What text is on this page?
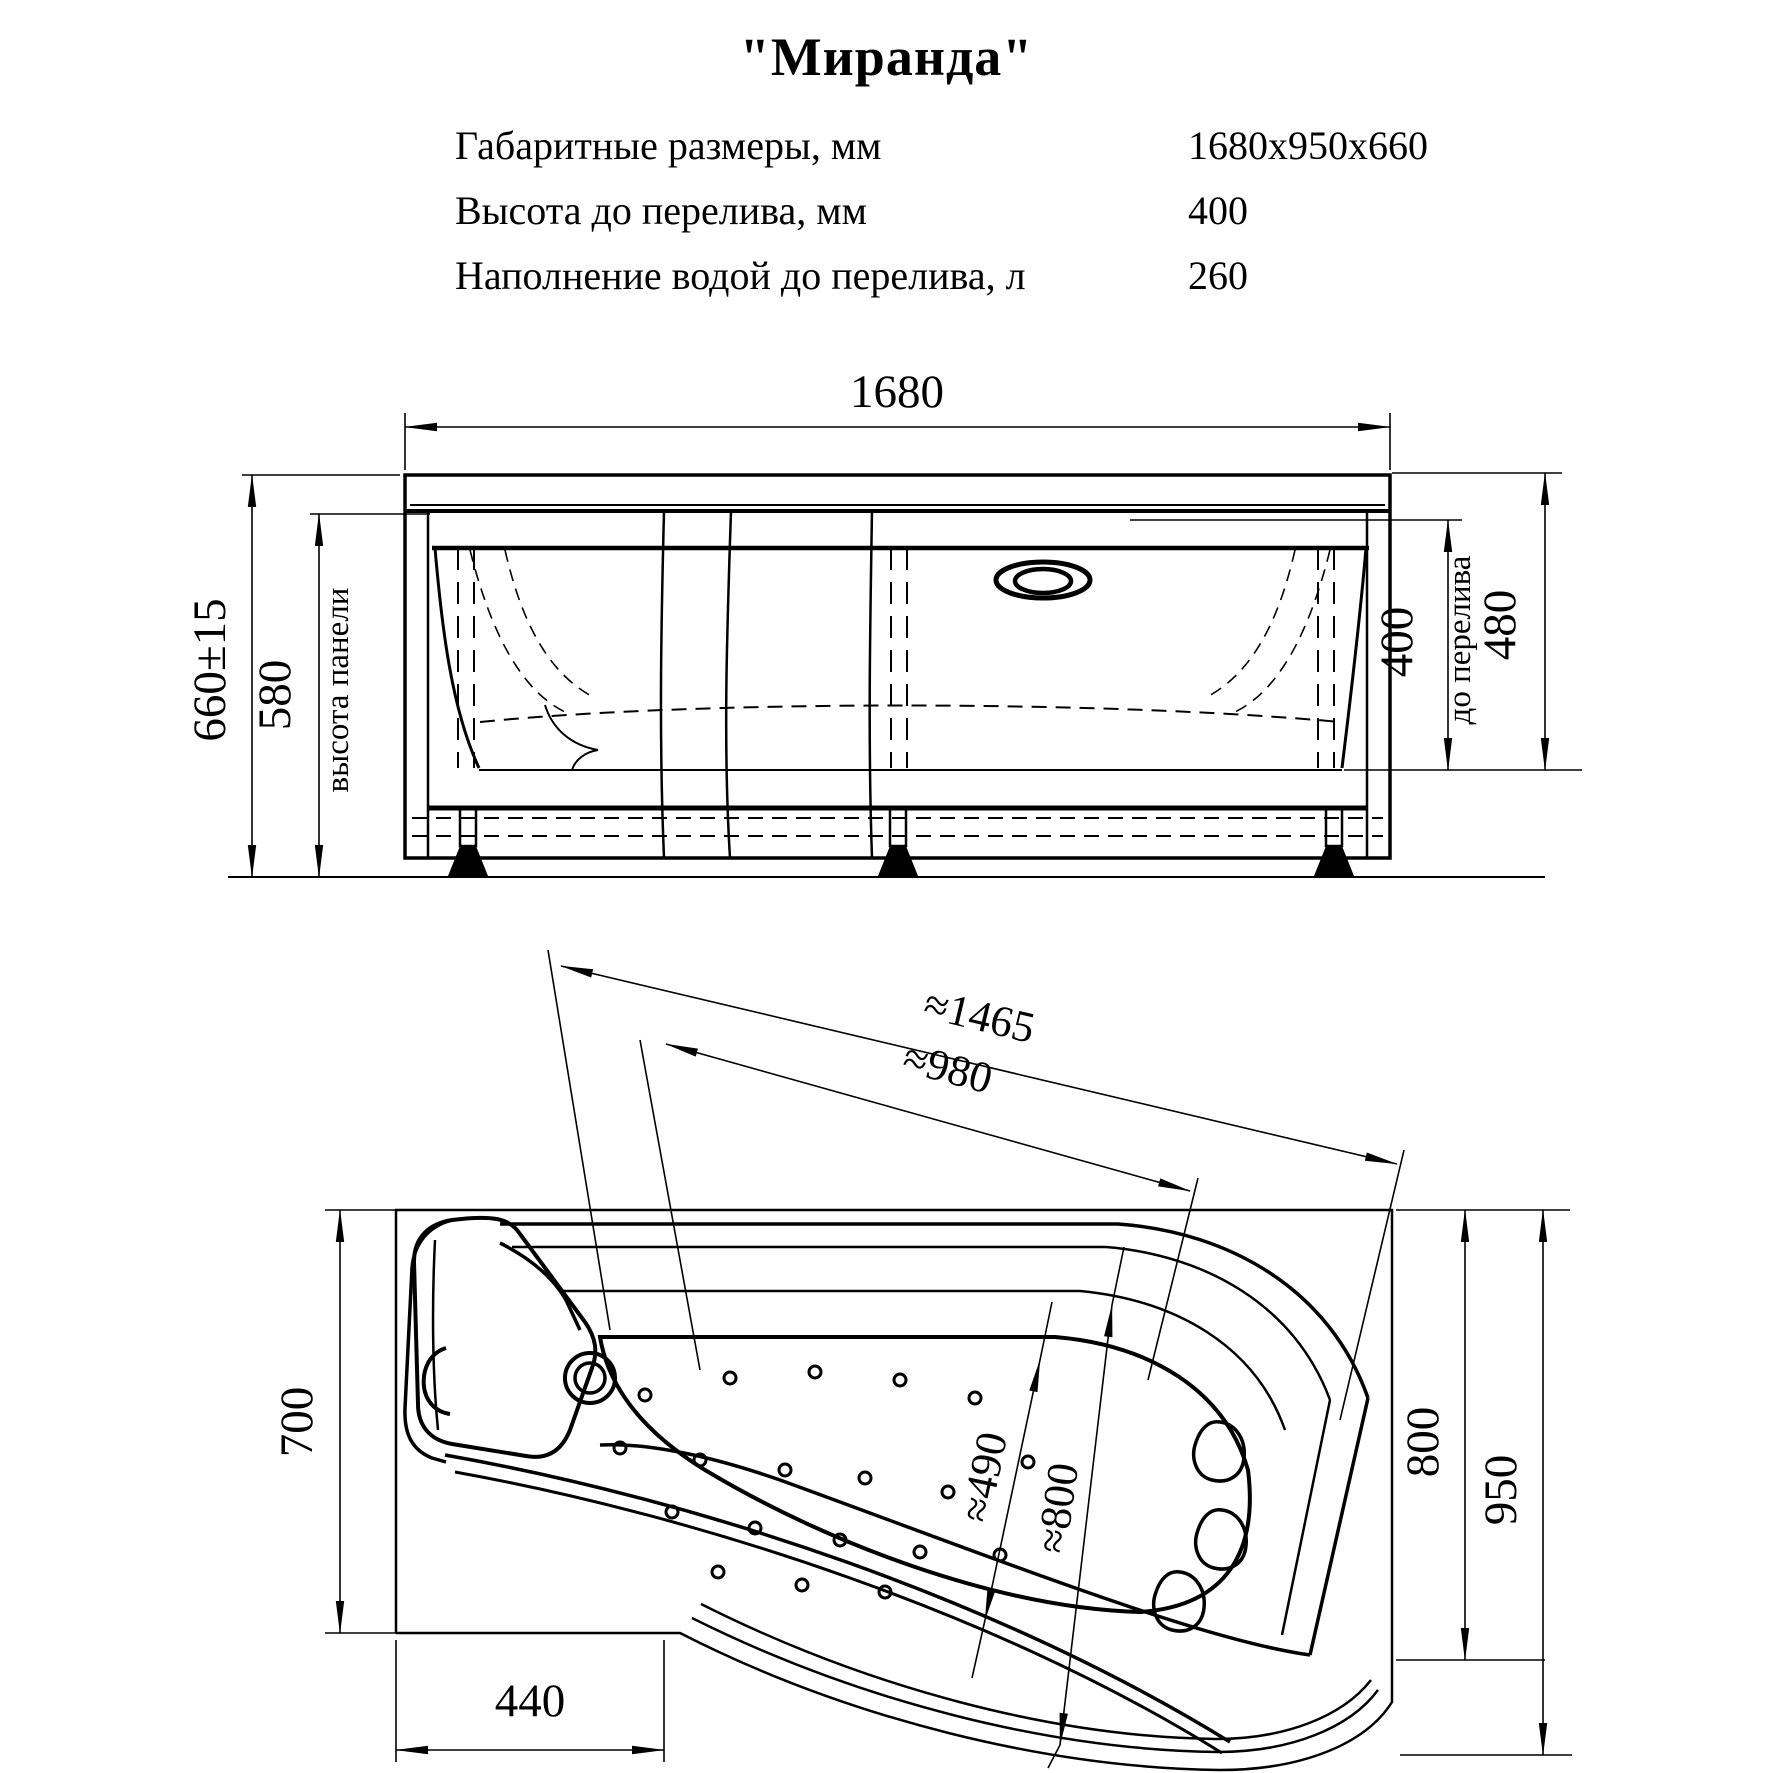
"Миранда"
Габаритные размеры, мм	1680x950x660
Высота до перелива, мм	400
Наполнение водой до перелива, л	260
1680
660±15 580 высота панели	400 до перелива
480
≈1465
≈980
700
440
≈490 ≈800
800
950
